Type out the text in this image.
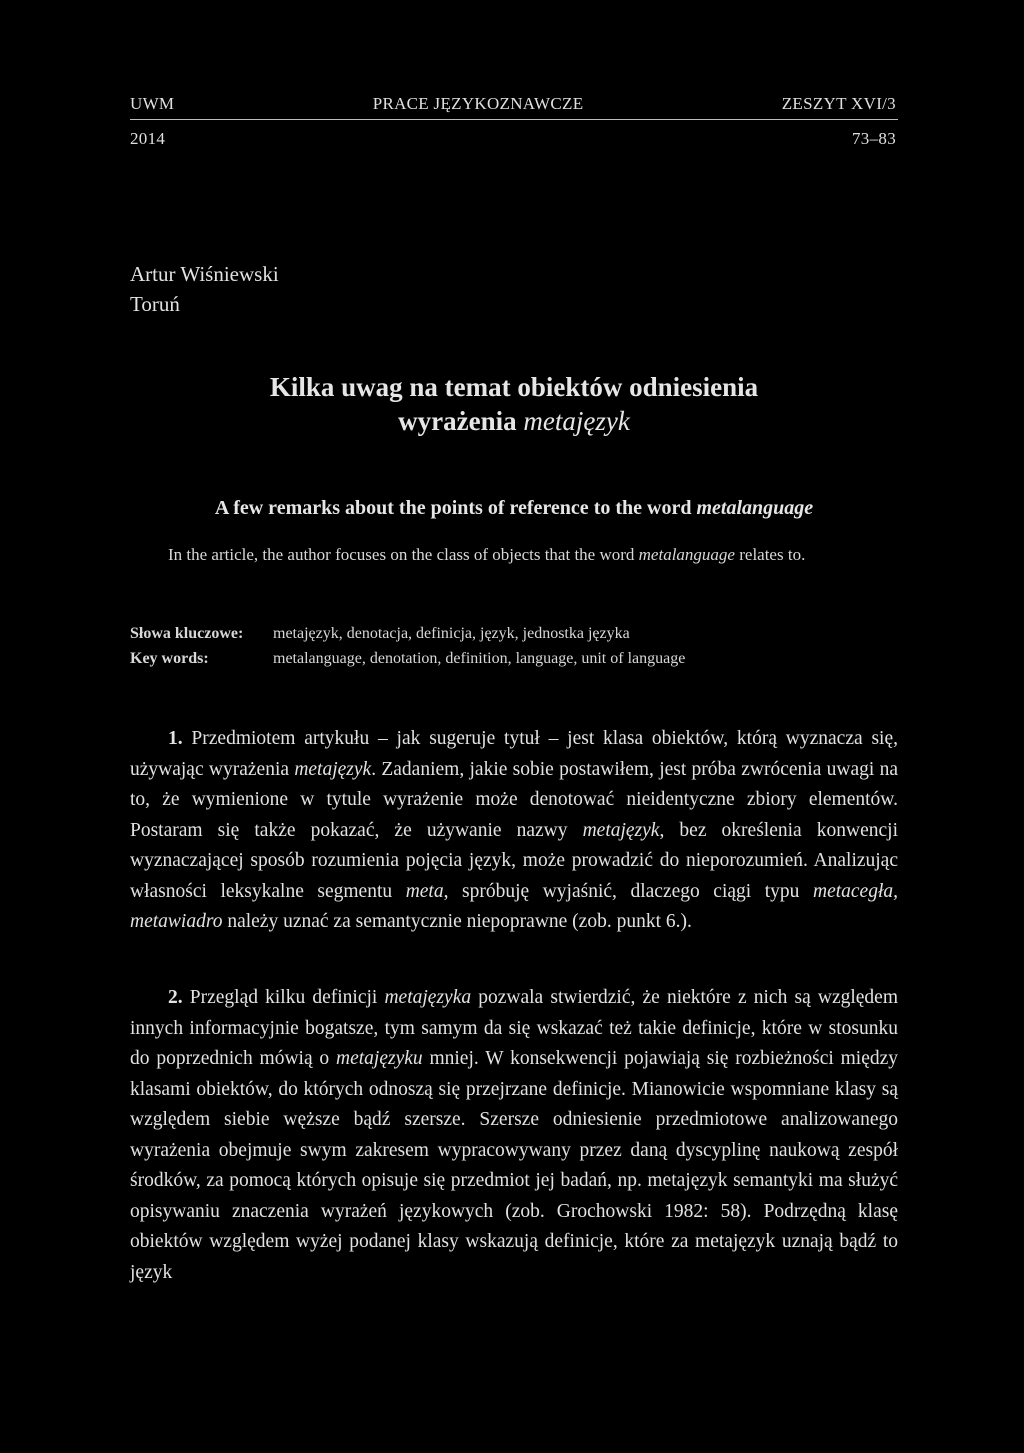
UWM	PRACE JĘZYKOZNAWCZE	ZESZYT XVI/3
2014	73–83
Artur Wiśniewski
Toruń
Kilka uwag na temat obiektów odniesienia
wyrażenia metajęzyk
A few remarks about the points of reference to the word metalanguage
In the article, the author focuses on the class of objects that the word metalanguage relates to.
Słowa kluczowe: metajęzyk, denotacja, definicja, język, jednostka języka
Key words:	metalanguage, denotation, definition, language, unit of language
1. Przedmiotem artykułu – jak sugeruje tytuł – jest klasa obiektów, którą wyznacza się, używając wyrażenia metajęzyk. Zadaniem, jakie sobie postawiłem, jest próba zwrócenia uwagi na to, że wymienione w tytule wyrażenie może denotować nieidentyczne zbiory elementów. Postaram się także pokazać, że używanie nazwy metajęzyk, bez określenia konwencji wyznaczającej sposób rozumienia pojęcia język, może prowadzić do nieporozumień. Analizując własności leksykalne segmentu meta, spróbuję wyjaśnić, dlaczego ciągi typu metacegła, metawiadro należy uznać za semantycznie niepoprawne (zob. punkt 6.).
2. Przegląd kilku definicji metajęzyka pozwala stwierdzić, że niektóre z nich są względem innych informacyjnie bogatsze, tym samym da się wskazać też takie definicje, które w stosunku do poprzednich mówią o metajęzyku mniej. W konsekwencji pojawiają się rozbieżności między klasami obiektów, do których odnoszą się przejrzane definicje. Mianowicie wspomniane klasy są względem siebie węższe bądź szersze. Szersze odniesienie przedmiotowe analizowanego wyrażenia obejmuje swym zakresem wypracowywany przez daną dyscyplinę naukową zespół środków, za pomocą których opisuje się przedmiot jej badań, np. metajęzyk semantyki ma służyć opisywaniu znaczenia wyrażeń językowych (zob. Grochowski 1982: 58). Podrzędną klasę obiektów względem wyżej podanej klasy wskazują definicje, które za metajęzyk uznają bądź to język
